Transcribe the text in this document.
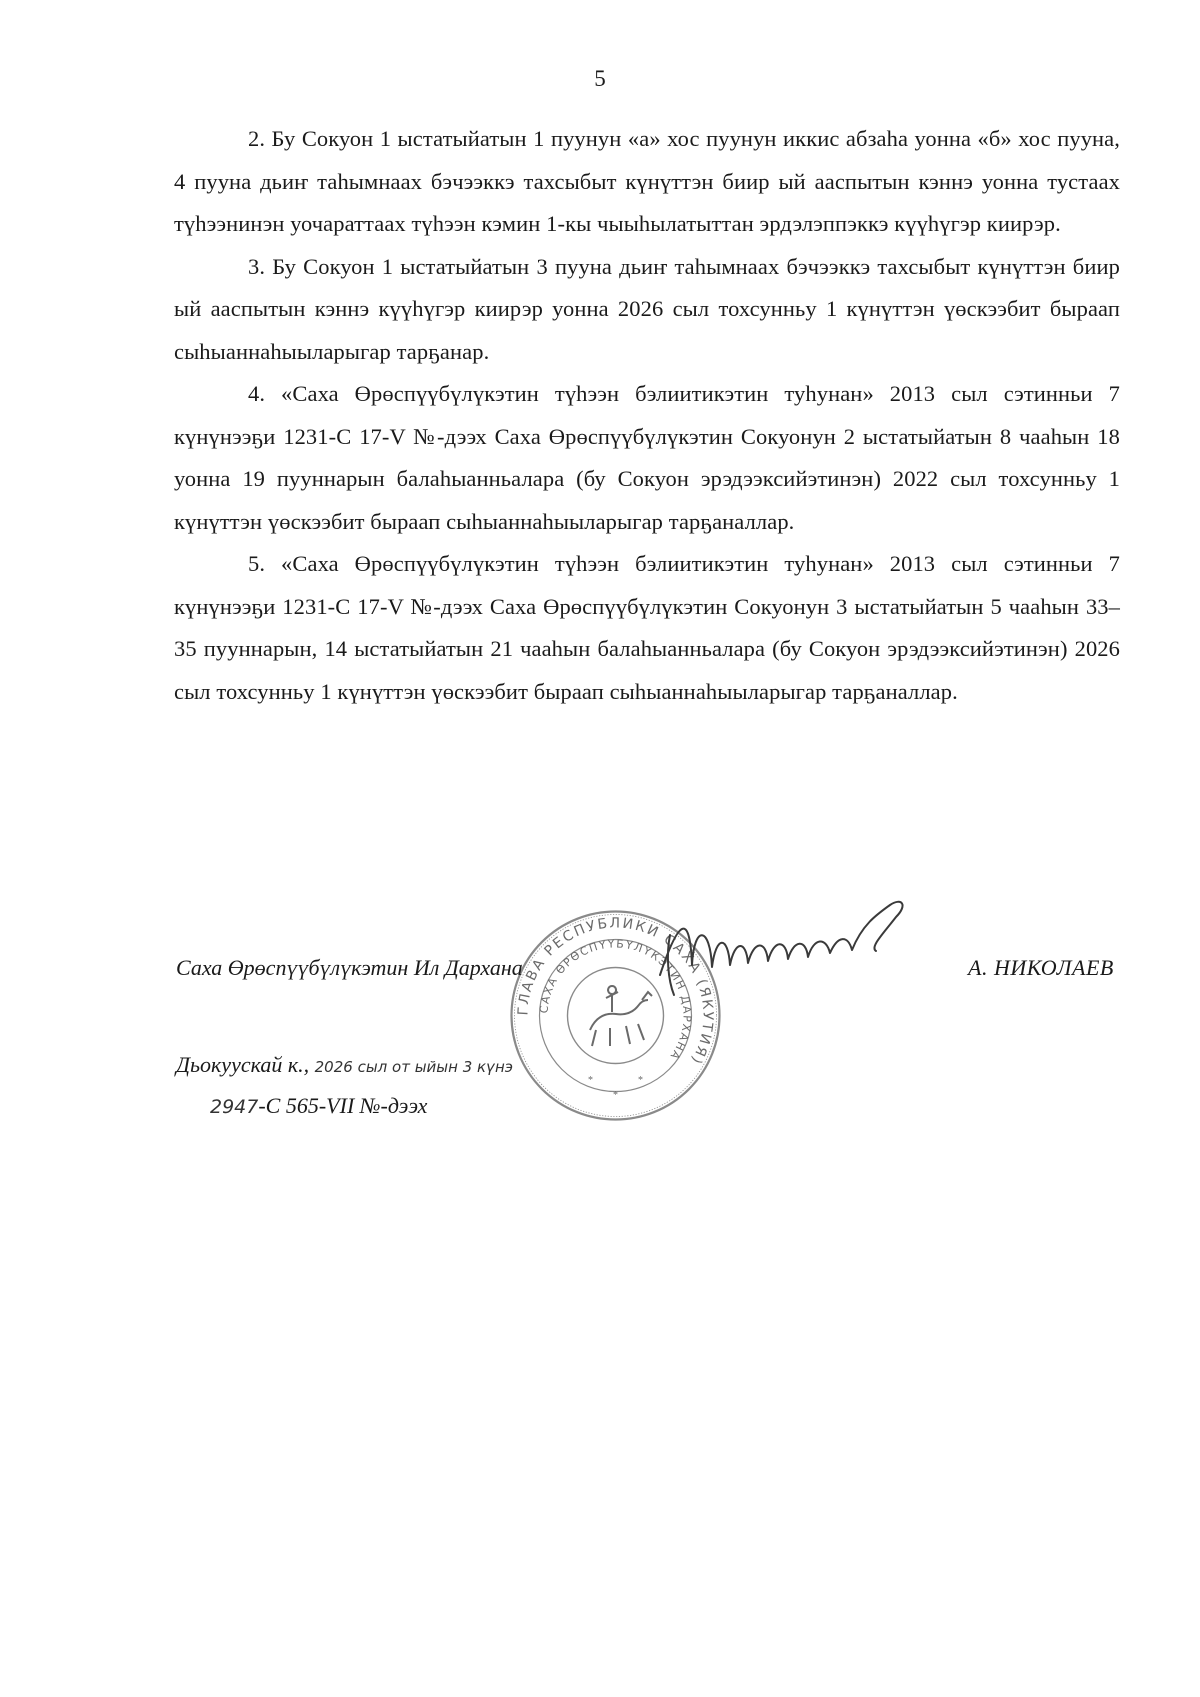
5

2. Бу Сокуон 1 ыстатыйатын 1 пуунун «а» хос пуунун иккис абзаһа уонна «б» хос пууна, 4 пууна дьиҥ таһымнаах бэчээккэ тахсыбыт күнүттэн биир ый ааспытын кэннэ уонна тустаах түһээнинэн уочараттаах түһээн кэмин 1-кы чыыһылатыттан эрдэлэппэккэ күүһүгэр киирэр.

3. Бу Сокуон 1 ыстатыйатын 3 пууна дьиҥ таһымнаах бэчээккэ тахсыбыт күнүттэн биир ый ааспытын кэннэ күүһүгэр киирэр уонна 2026 сыл тохсунньу 1 күнүттэн үөскээбит быраап сыһыаннаһыыларыгар тарҕанар.

4. «Саха Өрөспүүбүлүкэтин түһээн бэлиитикэтин туһунан» 2013 сыл сэтинньи 7 күнүнээҕи 1231-С 17-V №-дээх Саха Өрөспүүбүлүкэтин Сокуонун 2 ыстатыйатын 8 чааһын 18 уонна 19 пууннарын балаһыанньалара (бу Сокуон эрэдээксийэтинэн) 2022 сыл тохсунньу 1 күнүттэн үөскээбит быраап сыһыаннаһыыларыгар тарҕаналлар.

5. «Саха Өрөспүүбүлүкэтин түһээн бэлиитикэтин туһунан» 2013 сыл сэтинньи 7 күнүнээҕи 1231-С 17-V №-дээх Саха Өрөспүүбүлүкэтин Сокуонун 3 ыстатыйатын 5 чааһын 33–35 пууннарын, 14 ыстатыйатын 21 чааһын балаһыанньалара (бу Сокуон эрэдээксийэтинэн) 2026 сыл тохсунньу 1 күнүттэн үөскээбит быраап сыһыаннаһыыларыгар тарҕаналлар.

ГЛАВА РЕСПУБЛИКИ САХА (ЯКУТИЯ)
САХА ӨРӨСПҮҮБҮЛҮКЭТИН ДАРХАНА
*	*
*
Саха Өрөспүүбүлүкэтин Ил Дархана	А. НИКОЛАЕВ
Дьокуускай к., 2026 сыл от ыйын 3 күнэ
2947-С 565-VII №-дээх
